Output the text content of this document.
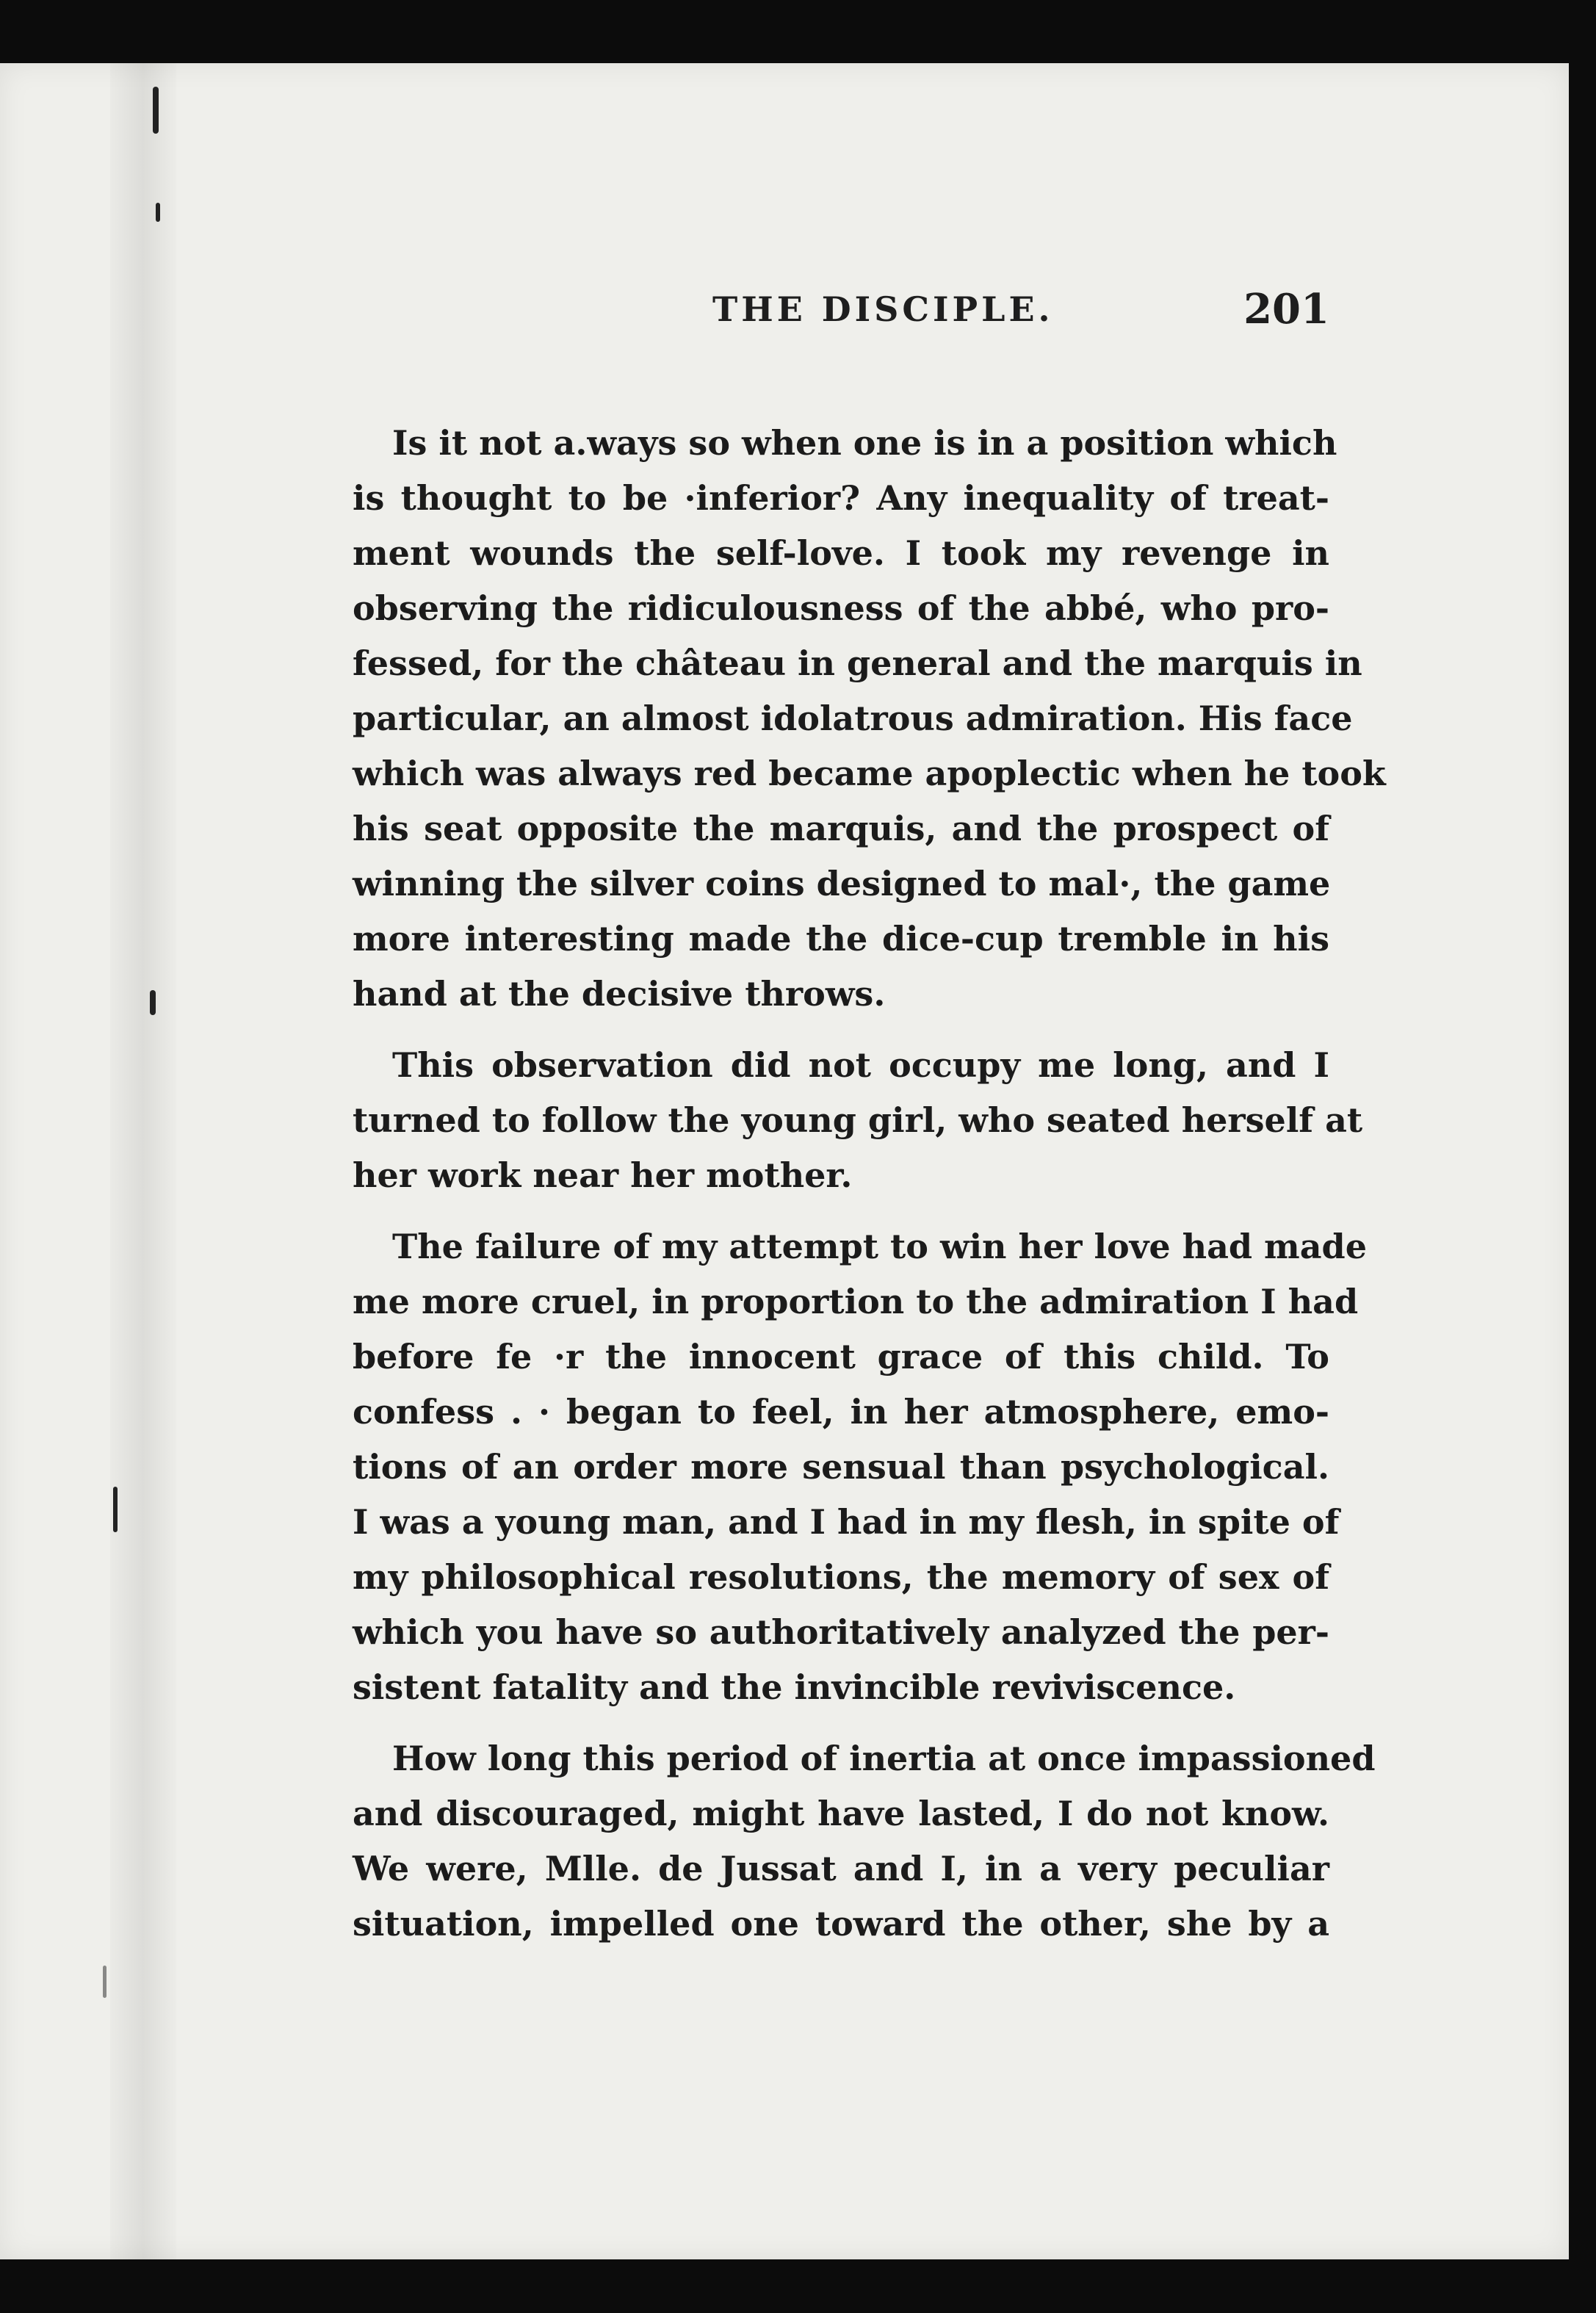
THE DISCIPLE.	201

Is it not a.ways so when one is in a position which
is thought to be ·inferior? Any inequality of treat-
ment wounds the self-love. I took my revenge in
observing the ridiculousness of the abbé, who pro-
fessed, for the château in general and the marquis in
particular, an almost idolatrous admiration. His face
which was always red became apoplectic when he took
his seat opposite the marquis, and the prospect of
winning the silver coins designed to mal·, the game
more interesting made the dice-cup tremble in his
hand at the decisive throws.

This observation did not occupy me long, and I
turned to follow the young girl, who seated herself at
her work near her mother.

The failure of my attempt to win her love had made
me more cruel, in proportion to the admiration I had
before fe ·r the innocent grace of this child. To
confess . · began to feel, in her atmosphere, emo-
tions of an order more sensual than psychological.
I was a young man, and I had in my flesh, in spite of
my philosophical resolutions, the memory of sex of
which you have so authoritatively analyzed the per-
sistent fatality and the invincible reviviscence.

How long this period of inertia at once impassioned
and discouraged, might have lasted, I do not know.
We were, Mlle. de Jussat and I, in a very peculiar
situation, impelled one toward the other, she by a
